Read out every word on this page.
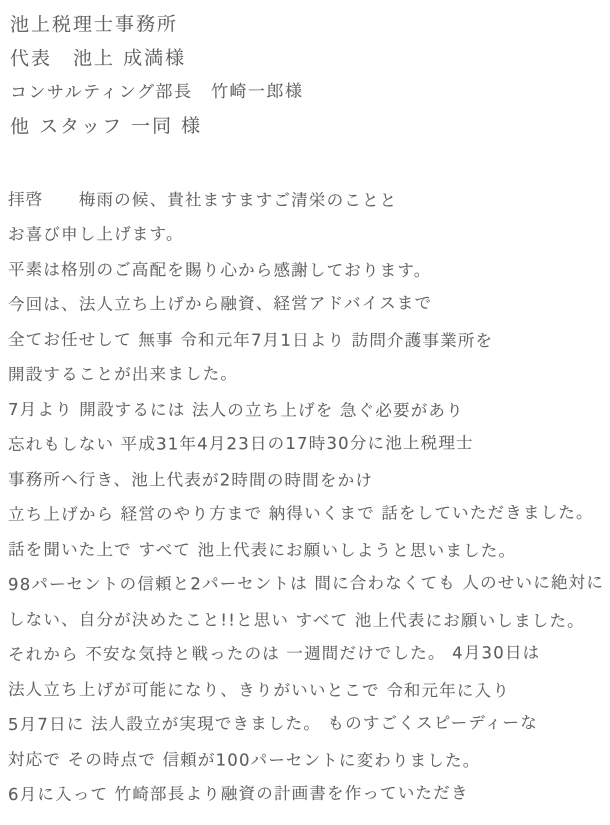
池上税理士事務所
代表　池上 成満様
コンサルティング部長　竹崎一郎様
他 スタッフ 一同 様
拝啓　　梅雨の候、貴社ますますご清栄のことと
お喜び申し上げます。
平素は格別のご高配を賜り心から感謝しております。
今回は、法人立ち上げから融資、経営アドバイスまで
全てお任せして 無事 令和元年7月1日より 訪問介護事業所を
開設することが出来ました。
7月より 開設するには 法人の立ち上げを 急ぐ必要があり
忘れもしない 平成31年4月23日の17時30分に池上税理士
事務所へ行き、池上代表が2時間の時間をかけ
立ち上げから 経営のやり方まで 納得いくまで 話をしていただきました。
話を聞いた上で すべて 池上代表にお願いしようと思いました。
98パーセントの信頼と2パーセントは 間に合わなくても 人のせいに絶対に
しない、自分が決めたこと!!と思い すべて 池上代表にお願いしました。
それから 不安な気持と戦ったのは 一週間だけでした。 4月30日は
法人立ち上げが可能になり、きりがいいとこで 令和元年に入り
5月7日に 法人設立が実現できました。 ものすごくスピーディーな
対応で その時点で 信頼が100パーセントに変わりました。
6月に入って 竹崎部長より融資の計画書を作っていただき
